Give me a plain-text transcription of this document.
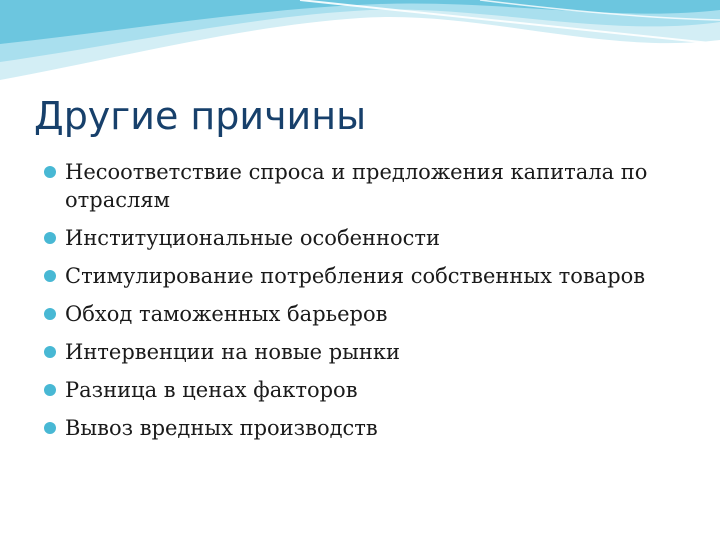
Другие причины
Несоответствие спроса и предложения капитала по отраслям
Институциональные особенности
Стимулирование потребления собственных товаров
Обход таможенных барьеров
Интервенции на новые рынки
Разница в ценах факторов
Вывоз вредных производств
